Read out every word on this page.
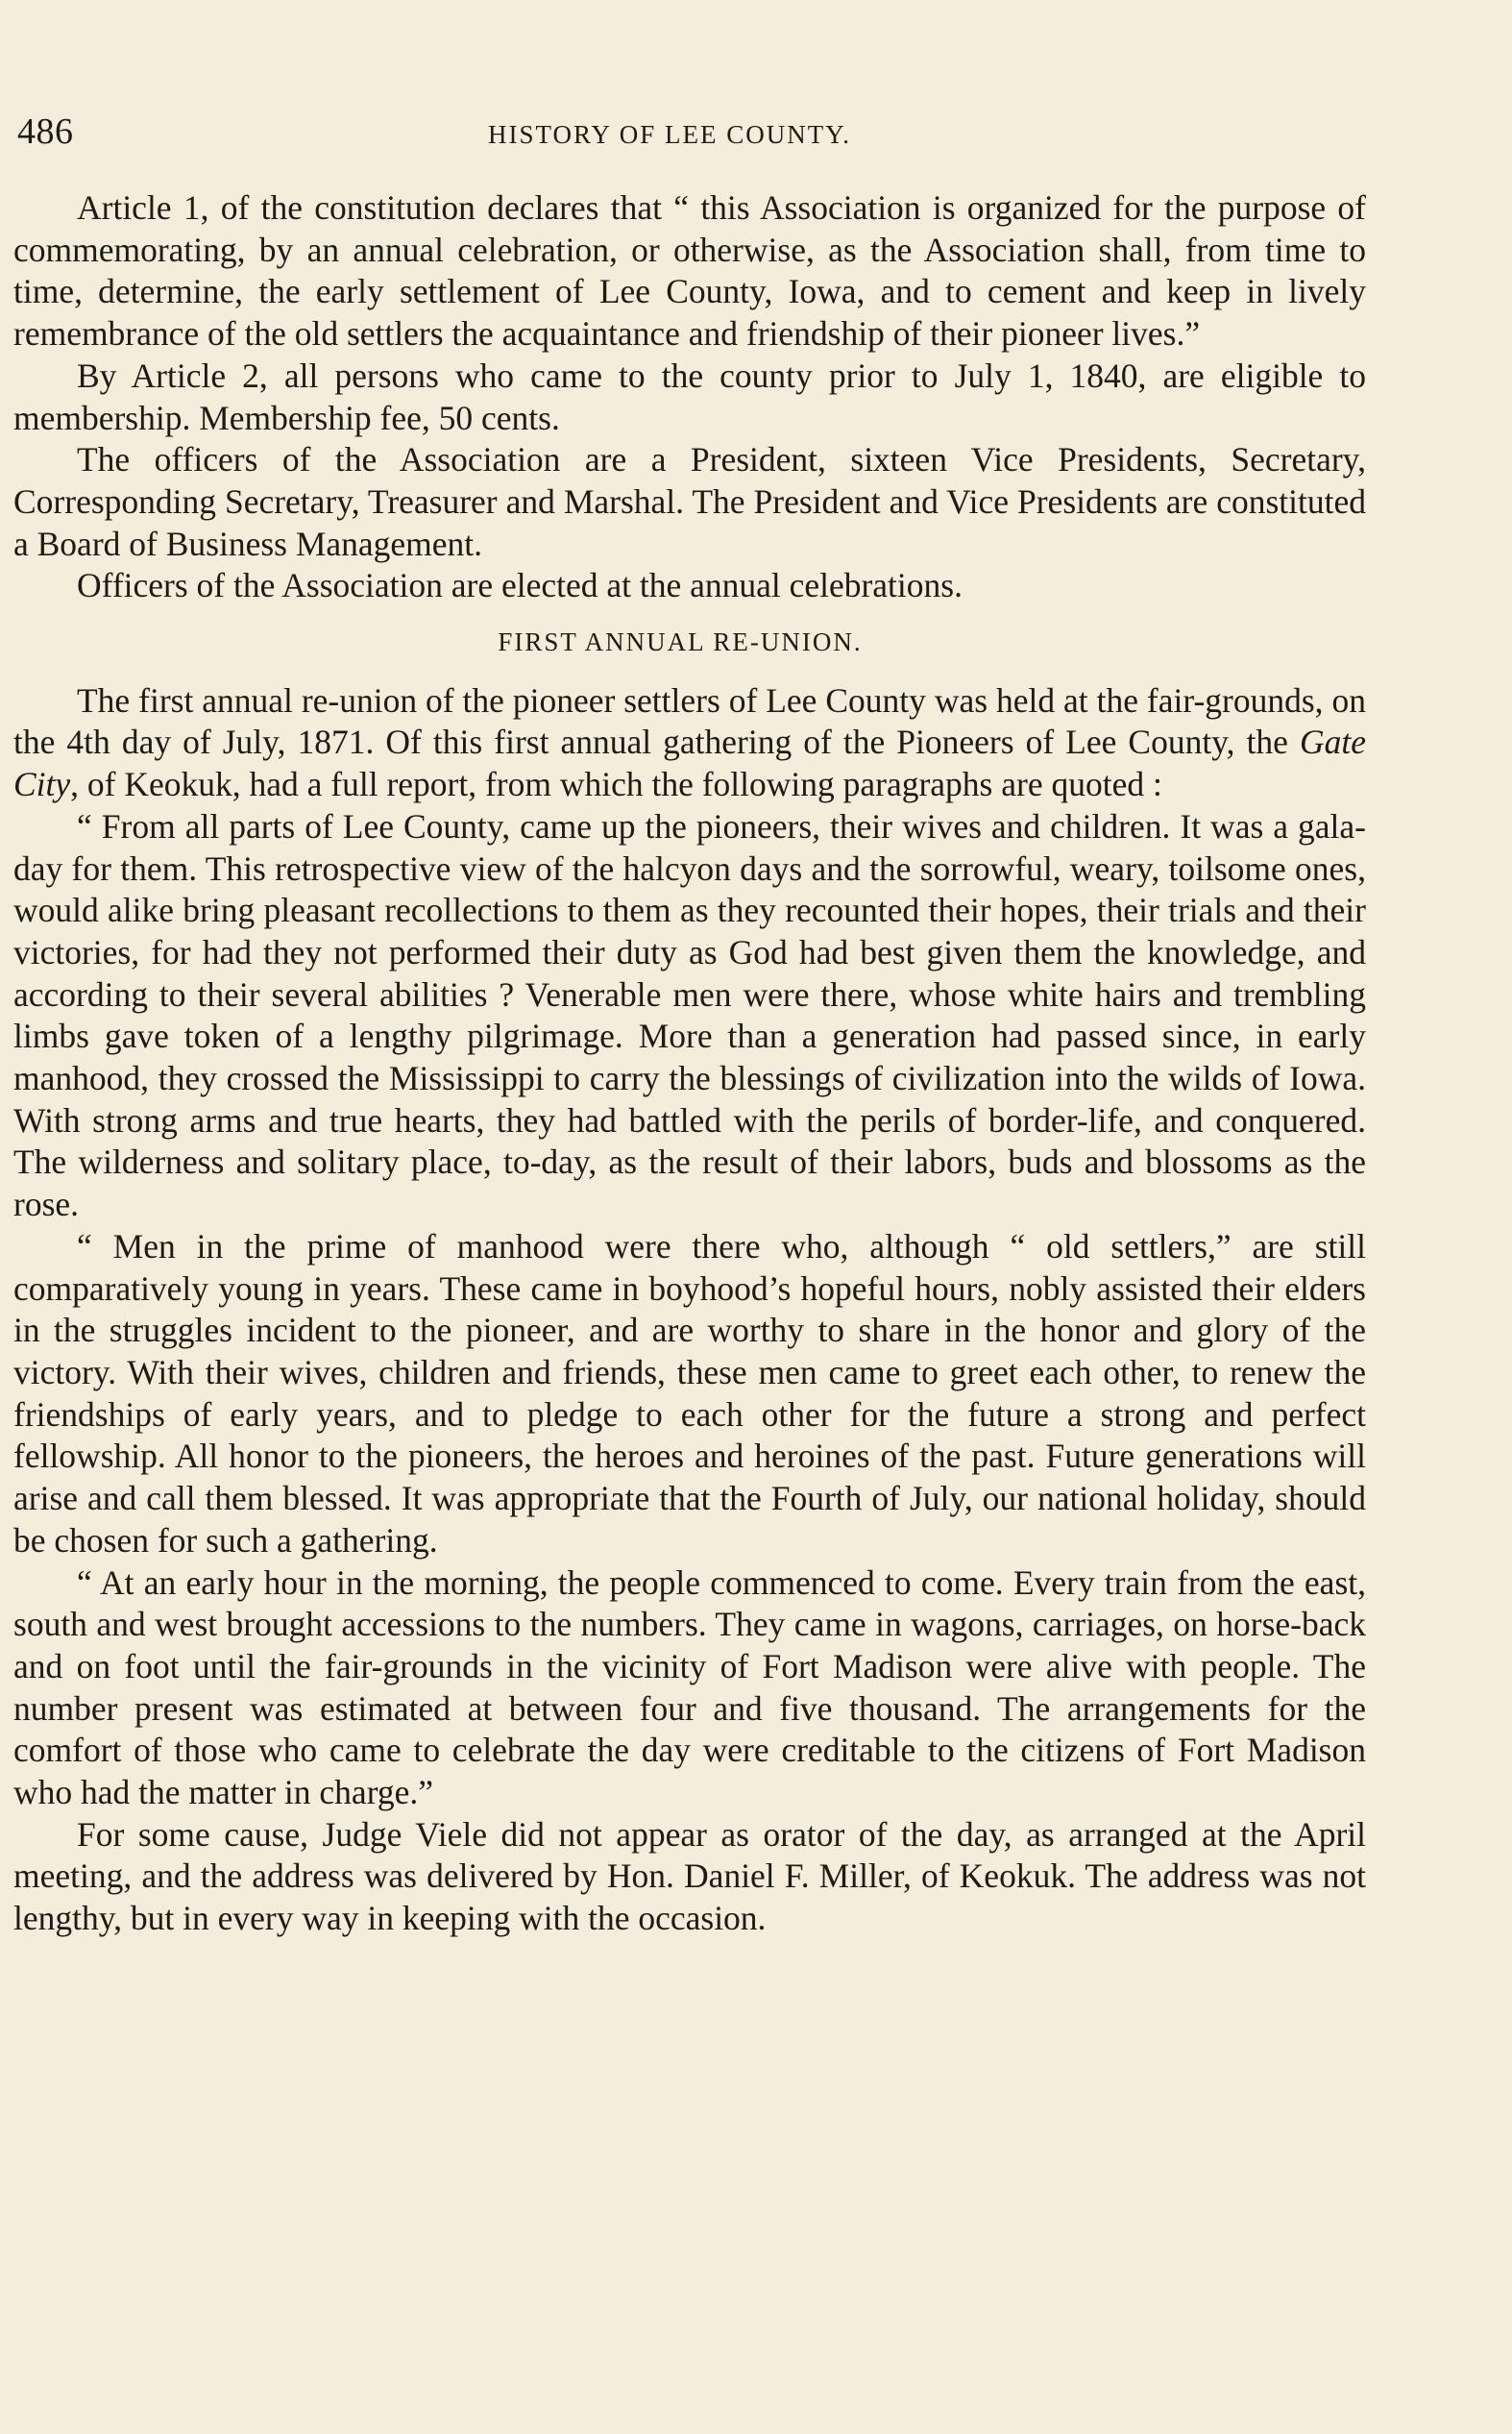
486	HISTORY OF LEE COUNTY.

Article 1, of the constitution declares that “ this Association is organized for the purpose of commemorating, by an annual celebration, or otherwise, as the Association shall, from time to time, determine, the early settlement of Lee County, Iowa, and to cement and keep in lively remembrance of the old settlers the acquaintance and friendship of their pioneer lives.”

By Article 2, all persons who came to the county prior to July 1, 1840, are eligible to membership. Membership fee, 50 cents.

The officers of the Association are a President, sixteen Vice Presidents, Secretary, Corresponding Secretary, Treasurer and Marshal. The President and Vice Presidents are constituted a Board of Business Management.

Officers of the Association are elected at the annual celebrations.

FIRST ANNUAL RE-UNION.

The first annual re-union of the pioneer settlers of Lee County was held at the fair-grounds, on the 4th day of July, 1871. Of this first annual gathering of the Pioneers of Lee County, the Gate City, of Keokuk, had a full report, from which the following paragraphs are quoted :

“ From all parts of Lee County, came up the pioneers, their wives and children. It was a gala-day for them. This retrospective view of the halcyon days and the sorrowful, weary, toilsome ones, would alike bring pleasant recollections to them as they recounted their hopes, their trials and their victories, for had they not performed their duty as God had best given them the knowledge, and according to their several abilities ? Venerable men were there, whose white hairs and trembling limbs gave token of a lengthy pilgrimage. More than a generation had passed since, in early manhood, they crossed the Mississippi to carry the blessings of civilization into the wilds of Iowa. With strong arms and true hearts, they had battled with the perils of border-life, and conquered. The wilderness and solitary place, to-day, as the result of their labors, buds and blossoms as the rose.

“ Men in the prime of manhood were there who, although “ old settlers,” are still comparatively young in years. These came in boyhood’s hopeful hours, nobly assisted their elders in the struggles incident to the pioneer, and are worthy to share in the honor and glory of the victory. With their wives, children and friends, these men came to greet each other, to renew the friendships of early years, and to pledge to each other for the future a strong and perfect fellowship. All honor to the pioneers, the heroes and heroines of the past. Future generations will arise and call them blessed. It was appropriate that the Fourth of July, our national holiday, should be chosen for such a gathering.

“ At an early hour in the morning, the people commenced to come. Every train from the east, south and west brought accessions to the numbers. They came in wagons, carriages, on horse-back and on foot until the fair-grounds in the vicinity of Fort Madison were alive with people. The number present was estimated at between four and five thousand. The arrangements for the comfort of those who came to celebrate the day were creditable to the citizens of Fort Madison who had the matter in charge.”

For some cause, Judge Viele did not appear as orator of the day, as arranged at the April meeting, and the address was delivered by Hon. Daniel F. Miller, of Keokuk. The address was not lengthy, but in every way in keeping with the occasion.
